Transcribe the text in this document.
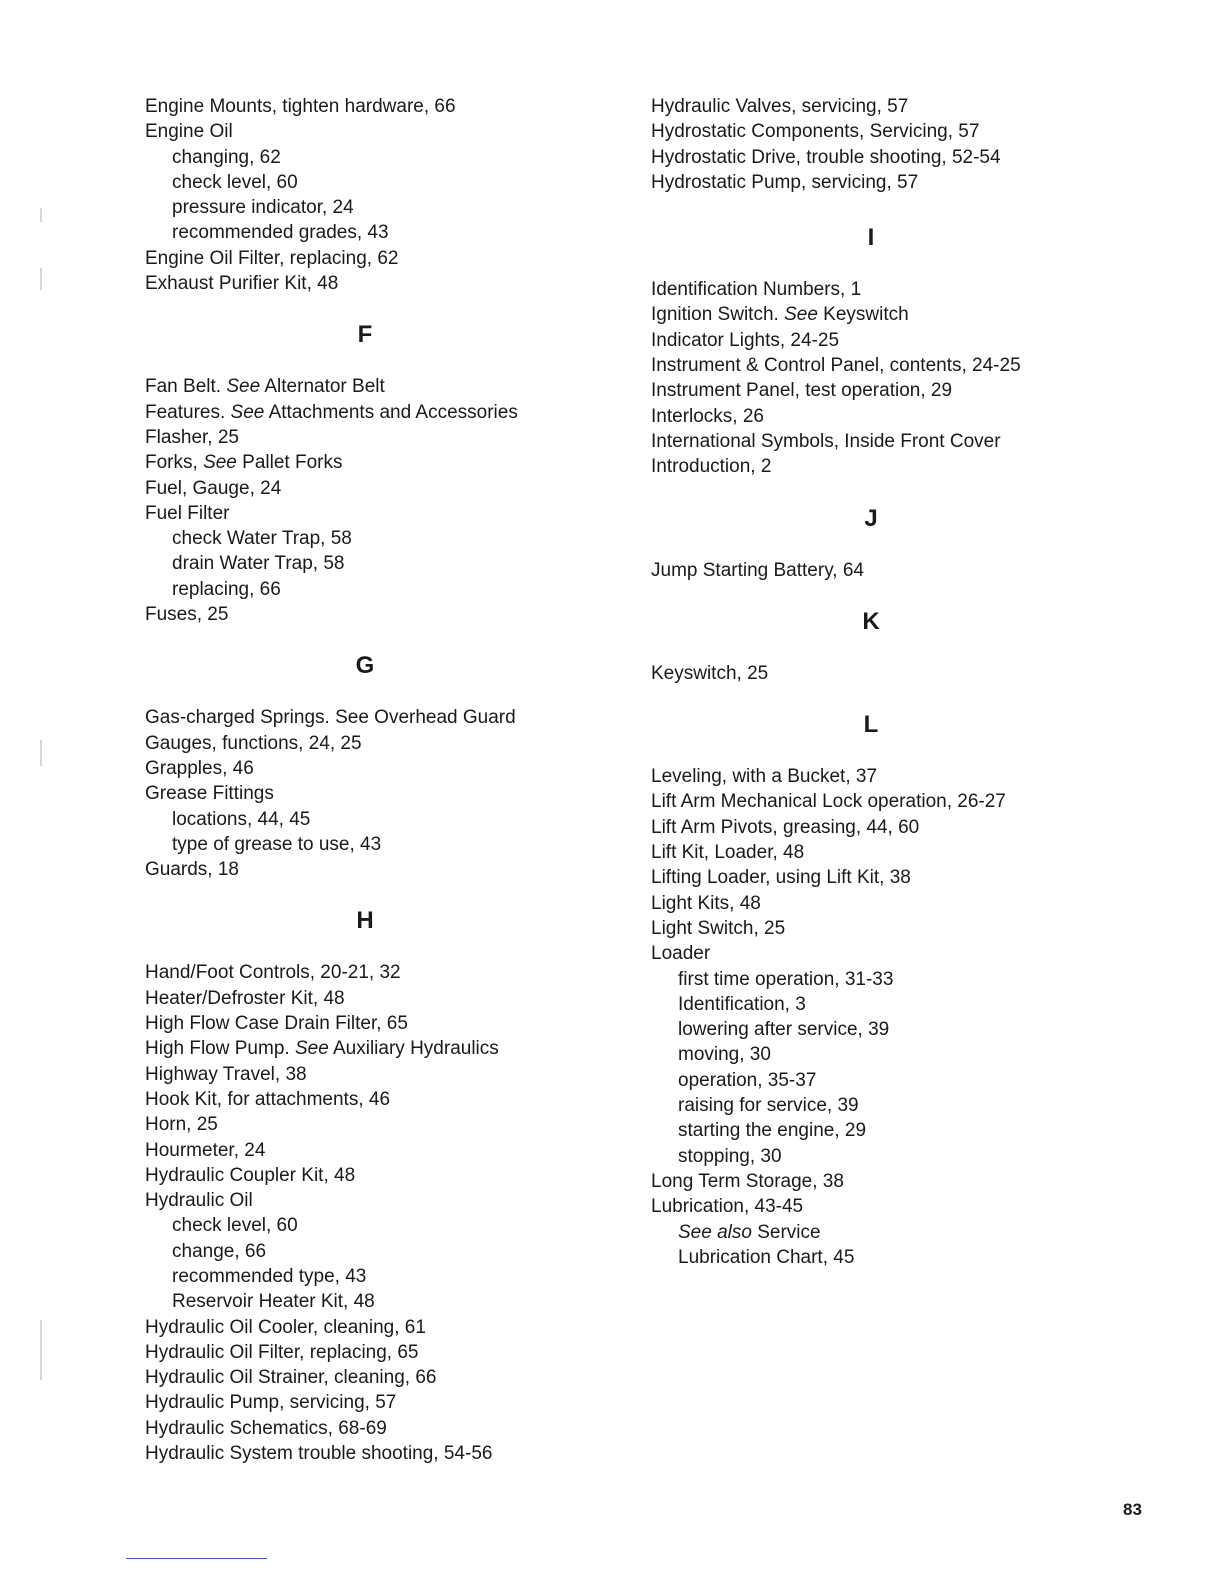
Engine Mounts, tighten hardware, 66
Engine Oil
changing, 62
check level, 60
pressure indicator, 24
recommended grades, 43
Engine Oil Filter, replacing, 62
Exhaust Purifier Kit, 48
F
Fan Belt. See Alternator Belt
Features. See Attachments and Accessories
Flasher, 25
Forks, See Pallet Forks
Fuel, Gauge, 24
Fuel Filter
check Water Trap, 58
drain Water Trap, 58
replacing, 66
Fuses, 25
G
Gas-charged Springs. See Overhead Guard
Gauges, functions, 24, 25
Grapples, 46
Grease Fittings
locations, 44, 45
type of grease to use, 43
Guards, 18
H
Hand/Foot Controls, 20-21, 32
Heater/Defroster Kit, 48
High Flow Case Drain Filter, 65
High Flow Pump. See Auxiliary Hydraulics
Highway Travel, 38
Hook Kit, for attachments, 46
Horn, 25
Hourmeter, 24
Hydraulic Coupler Kit, 48
Hydraulic Oil
check level, 60
change, 66
recommended type, 43
Reservoir Heater Kit, 48
Hydraulic Oil Cooler, cleaning, 61
Hydraulic Oil Filter, replacing, 65
Hydraulic Oil Strainer, cleaning, 66
Hydraulic Pump, servicing, 57
Hydraulic Schematics, 68-69
Hydraulic System trouble shooting, 54-56
Hydraulic Valves, servicing, 57
Hydrostatic Components, Servicing, 57
Hydrostatic Drive, trouble shooting, 52-54
Hydrostatic Pump, servicing, 57
I
Identification Numbers, 1
Ignition Switch. See Keyswitch
Indicator Lights, 24-25
Instrument & Control Panel, contents, 24-25
Instrument Panel, test operation, 29
Interlocks, 26
International Symbols, Inside Front Cover
Introduction, 2
J
Jump Starting Battery, 64
K
Keyswitch, 25
L
Leveling, with a Bucket, 37
Lift Arm Mechanical Lock operation, 26-27
Lift Arm Pivots, greasing, 44, 60
Lift Kit, Loader, 48
Lifting Loader, using Lift Kit, 38
Light Kits, 48
Light Switch, 25
Loader
first time operation, 31-33
Identification, 3
lowering after service, 39
moving, 30
operation, 35-37
raising for service, 39
starting the engine, 29
stopping, 30
Long Term Storage, 38
Lubrication, 43-45
See also Service
Lubrication Chart, 45
83
